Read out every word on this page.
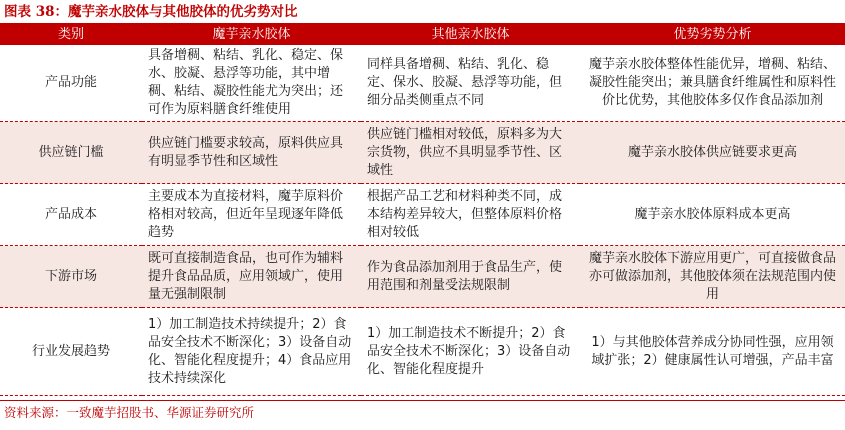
图表 38：魔芋亲水胶体与其他胶体的优劣势对比
类别	魔芋亲水胶体	其他亲水胶体	优势劣势分析
产品功能	具备增稠、粘结、乳化、稳定、保水、胶凝、悬浮等功能，其中增稠、粘结、凝胶性能尤为突出；还可作为原料膳食纤维使用	同样具备增稠、粘结、乳化、稳定、保水、胶凝、悬浮等功能，但细分品类侧重点不同	魔芋亲水胶体整体性能优异，增稠、粘结、凝胶性能突出；兼具膳食纤维属性和原料性价比优势，其他胶体多仅作食品添加剂
供应链门槛	供应链门槛要求较高，原料供应具有明显季节性和区域性	供应链门槛相对较低，原料多为大宗货物，供应不具明显季节性、区域性	魔芋亲水胶体供应链要求更高
产品成本	主要成本为直接材料，魔芋原料价格相对较高，但近年呈现逐年降低趋势	根据产品工艺和材料种类不同，成本结构差异较大，但整体原料价格相对较低	魔芋亲水胶体原料成本更高
下游市场	既可直接制造食品，也可作为辅料提升食品品质，应用领域广，使用量无强制限制	作为食品添加剂用于食品生产，使用范围和剂量受法规限制	魔芋亲水胶体下游应用更广，可直接做食品亦可做添加剂，其他胶体须在法规范围内使用
行业发展趋势	1）加工制造技术持续提升；2）食品安全技术不断深化；3）设备自动化、智能化程度提升；4）食品应用技术持续深化	1）加工制造技术不断提升；2）食品安全技术不断深化；3）设备自动化、智能化程度提升	1）与其他胶体营养成分协同性强，应用领域扩张；2）健康属性认可增强，产品丰富
资料来源：一致魔芋招股书、华源证券研究所
